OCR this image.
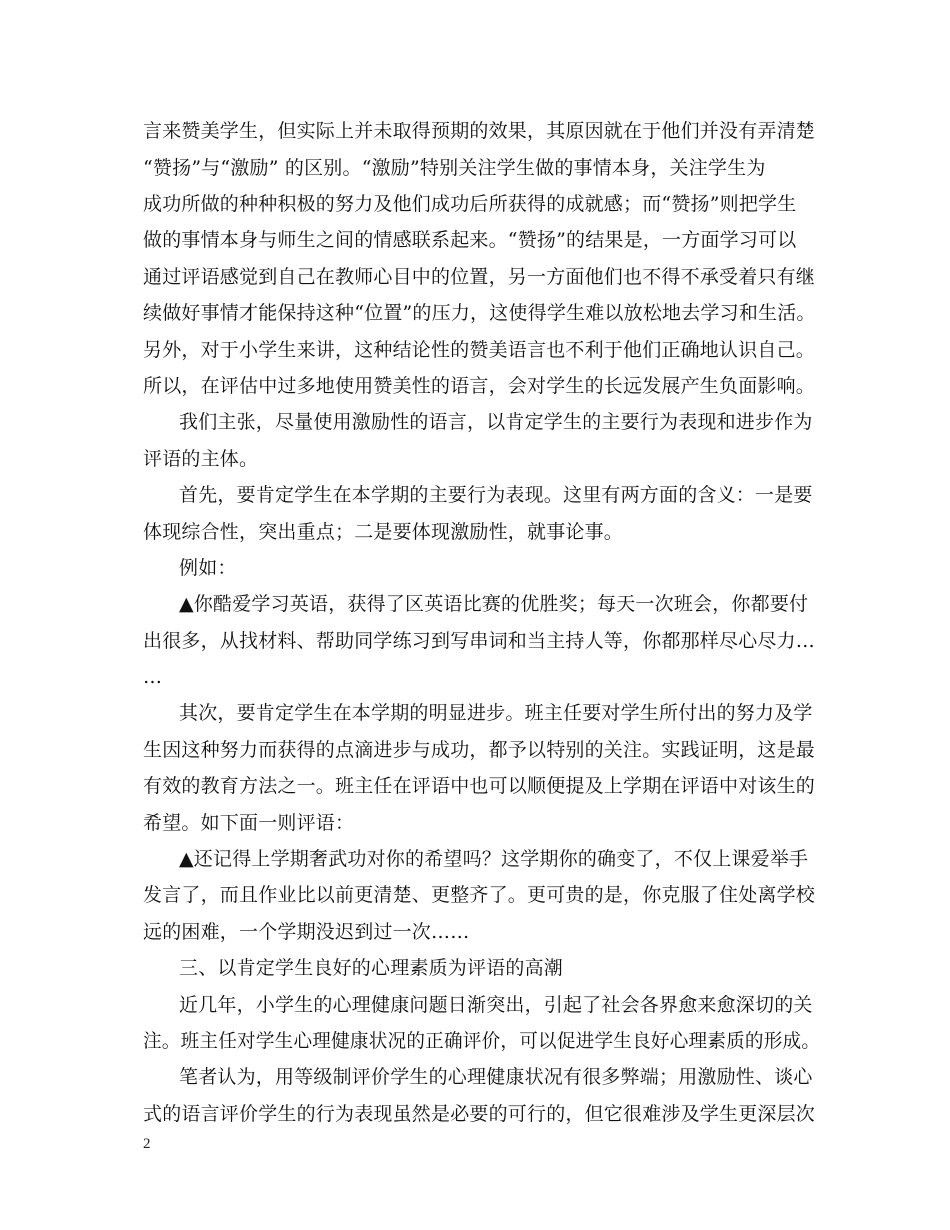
言来赞美学生，但实际上并未取得预期的效果，其原因就在于他们并没有弄清楚
“赞扬”与“激励” 的区别。“激励”特别关注学生做的事情本身，关注学生为
成功所做的种种积极的努力及他们成功后所获得的成就感；而“赞扬”则把学生
做的事情本身与师生之间的情感联系起来。“赞扬”的结果是，一方面学习可以
通过评语感觉到自己在教师心目中的位置，另一方面他们也不得不承受着只有继
续做好事情才能保持这种“位置”的压力，这使得学生难以放松地去学习和生活。
另外，对于小学生来讲，这种结论性的赞美语言也不利于他们正确地认识自己。
所以，在评估中过多地使用赞美性的语言，会对学生的长远发展产生负面影响。
我们主张，尽量使用激励性的语言，以肯定学生的主要行为表现和进步作为
评语的主体。
首先，要肯定学生在本学期的主要行为表现。这里有两方面的含义：一是要
体现综合性，突出重点；二是要体现激励性，就事论事。
例如：
▲你酷爱学习英语，获得了区英语比赛的优胜奖；每天一次班会，你都要付
出很多，从找材料、帮助同学练习到写串词和当主持人等，你都那样尽心尽力…
…
其次，要肯定学生在本学期的明显进步。班主任要对学生所付出的努力及学
生因这种努力而获得的点滴进步与成功，都予以特别的关注。实践证明，这是最
有效的教育方法之一。班主任在评语中也可以顺便提及上学期在评语中对该生的
希望。如下面一则评语：
▲还记得上学期奢武功对你的希望吗？这学期你的确变了，不仅上课爱举手
发言了，而且作业比以前更清楚、更整齐了。更可贵的是，你克服了住处离学校
远的困难，一个学期没迟到过一次……
三、以肯定学生良好的心理素质为评语的高潮
近几年，小学生的心理健康问题日渐突出，引起了社会各界愈来愈深切的关
注。班主任对学生心理健康状况的正确评价，可以促进学生良好心理素质的形成。
笔者认为，用等级制评价学生的心理健康状况有很多弊端；用激励性、谈心
式的语言评价学生的行为表现虽然是必要的可行的，但它很难涉及学生更深层次
2
